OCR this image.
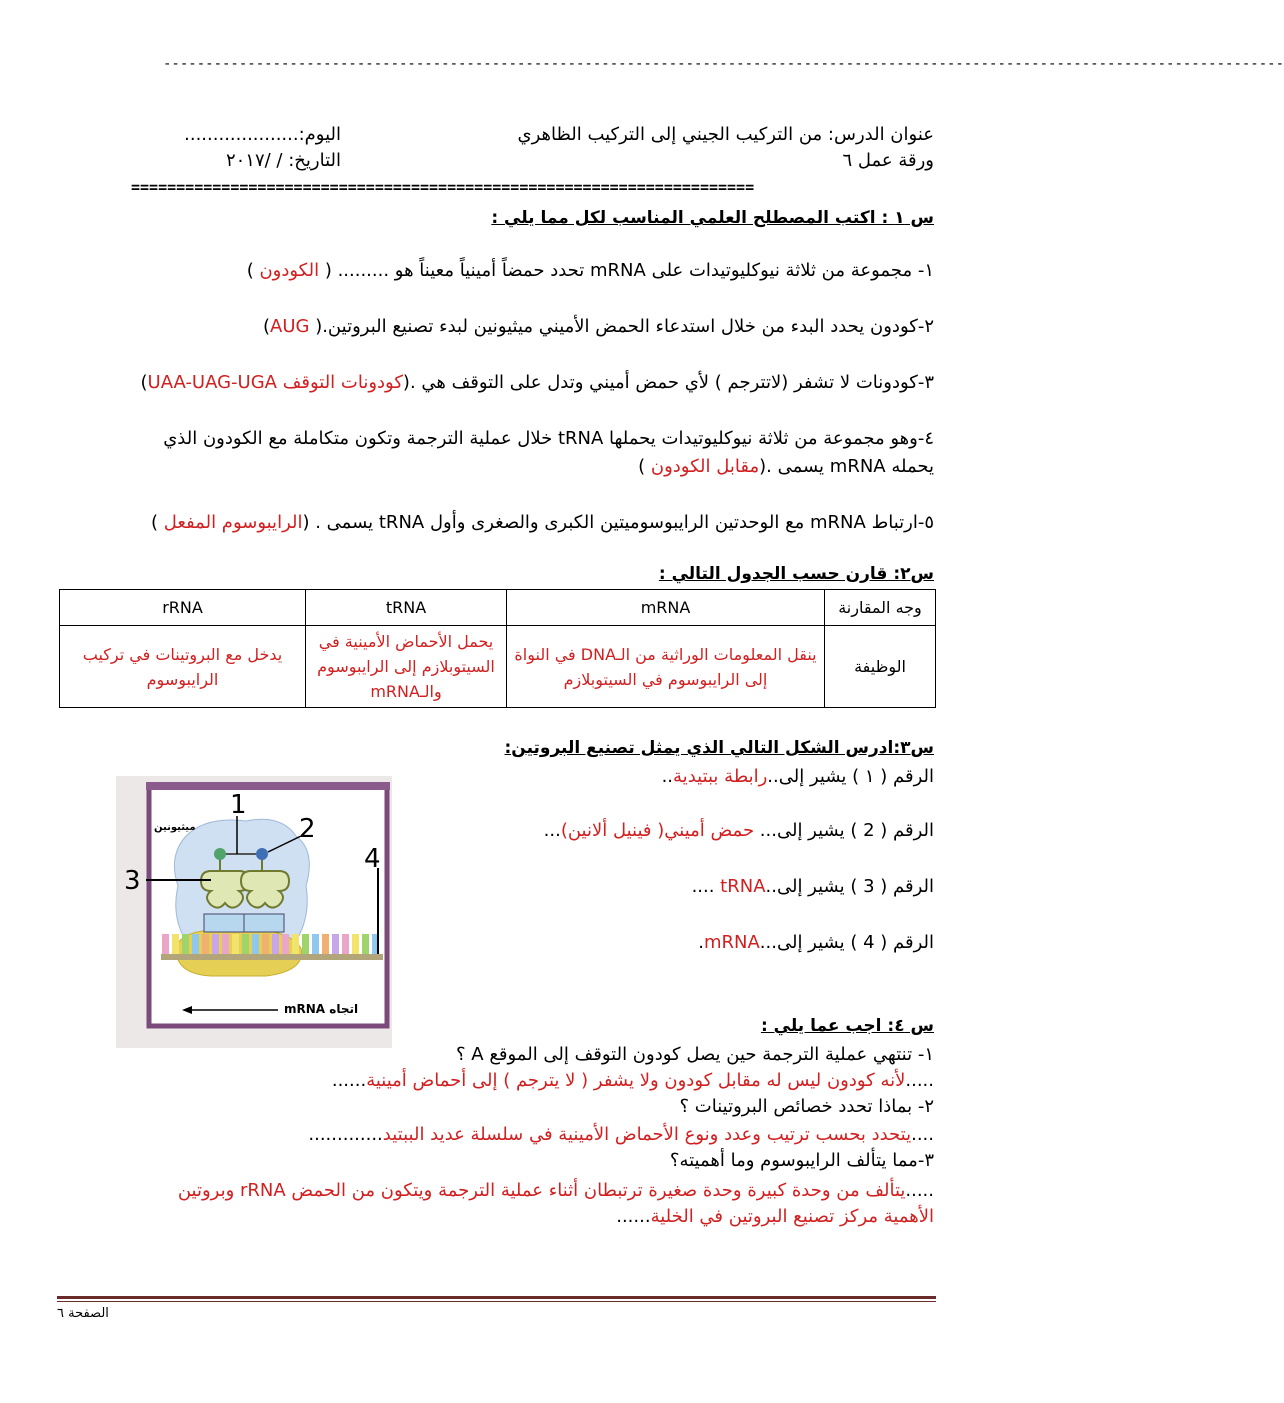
-------------------------------------------------------------------------------------------------------------------------------------
عنوان الدرس: من التركيب الجيني إلى التركيب الظاهري
اليوم:....................
ورقة عمل ٦
التاريخ: / /٢٠١٧
=====================================================================
س ١ : اكتب المصطلح العلمي المناسب لكل مما يلي :
١- مجموعة من ثلاثة نيوكليوتيدات على mRNA تحدد حمضاً أمينياً معيناً هو ......... ( الكودون )
٢-كودون يحدد البدء من خلال استدعاء الحمض الأميني ميثيونين لبدء تصنيع البروتين.( AUG)
٣-كودونات لا تشفر (لاتترجم ) لأي حمض أميني وتدل على التوقف هي .(كودونات التوقف UAA-UAG-UGA)
٤-وهو مجموعة من ثلاثة نيوكليوتيدات يحملها tRNA خلال عملية الترجمة وتكون متكاملة مع الكودون الذي
يحمله mRNA يسمى .(مقابل الكودون )
٥-ارتباط mRNA مع الوحدتين الرايبوسوميتين الكبرى والصغرى وأول tRNA يسمى . (الرايبوسوم المفعل )
س٢: قارن حسب الجدول التالي :
وجه المقارنة	mRNA	tRNA	rRNA
الوظيفة	ينقل المعلومات الوراثية من الـDNA في النواة إلى الرايبوسوم في السيتوبلازم	يحمل الأحماض الأمينية في السيتوبلازم إلى الرايبوسوم والـmRNA	يدخل مع البروتينات في تركيب الرايبوسوم
س٣:ادرس الشكل التالي الذي يمثل تصنيع البروتين:
الرقم ( ١ ) يشير إلى..رابطة ببتيدية..
الرقم ( 2 ) يشير إلى... حمض أميني( فينيل ألانين)...
الرقم ( 3 ) يشير إلى..tRNA ....
الرقم ( 4 ) يشير إلى...mRNA.
1
2
3
4
ميثيونين
اتجاه mRNA
س ٤: اجب عما يلي :
١- تنتهي عملية الترجمة حين يصل كودون التوقف إلى الموقع A ؟
.....لأنه كودون ليس له مقابل كودون ولا يشفر ( لا يترجم ) إلى أحماض أمينية......
٢- بماذا تحدد خصائص البروتينات ؟
....يتحدد بحسب ترتيب وعدد ونوع الأحماض الأمينية في سلسلة عديد الببتيد.............
٣-مما يتألف الرايبوسوم وما أهميته؟
.....يتألف من وحدة كبيرة وحدة صغيرة ترتبطان أثناء عملية الترجمة ويتكون من الحمض rRNA وبروتين
الأهمية مركز تصنيع البروتين في الخلية......
الصفحة ٦
